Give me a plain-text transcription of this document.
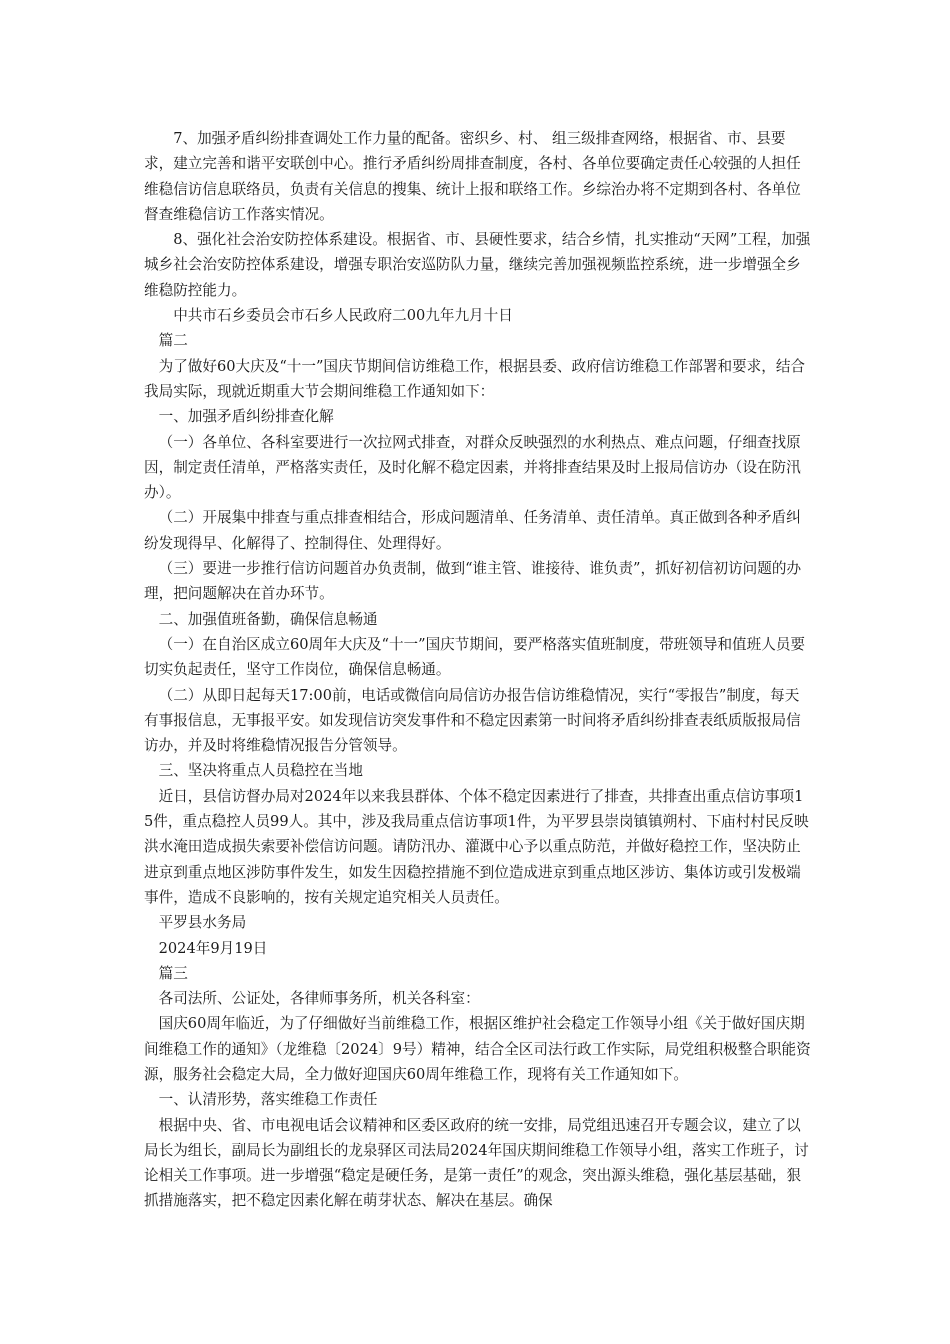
7、加强矛盾纠纷排查调处工作力量的配备。密织乡、村、 组三级排查网络，根据省、市、县要求，建立完善和谐平安联创中心。推行矛盾纠纷周排查制度，各村、各单位要确定责任心较强的人担任维稳信访信息联络员，负责有关信息的搜集、统计上报和联络工作。乡综治办将不定期到各村、各单位督查维稳信访工作落实情况。

8、强化社会治安防控体系建设。根据省、市、县硬性要求，结合乡情，扎实推动“天网”工程，加强城乡社会治安防控体系建设，增强专职治安巡防队力量，继续完善加强视频监控系统，进一步增强全乡维稳防控能力。

中共市石乡委员会市石乡人民政府二00九年九月十日

篇二

为了做好60大庆及“十一”国庆节期间信访维稳工作，根据县委、政府信访维稳工作部署和要求，结合我局实际，现就近期重大节会期间维稳工作通知如下：

一、加强矛盾纠纷排查化解

（一）各单位、各科室要进行一次拉网式排查，对群众反映强烈的水利热点、难点问题，仔细查找原因，制定责任清单，严格落实责任，及时化解不稳定因素，并将排查结果及时上报局信访办（设在防汛办）。

（二）开展集中排查与重点排查相结合，形成问题清单、任务清单、责任清单。真正做到各种矛盾纠纷发现得早、化解得了、控制得住、处理得好。

（三）要进一步推行信访问题首办负责制，做到“谁主管、谁接待、谁负责”，抓好初信初访问题的办理，把问题解决在首办环节。

二、加强值班备勤，确保信息畅通

（一）在自治区成立60周年大庆及“十一”国庆节期间，要严格落实值班制度，带班领导和值班人员要切实负起责任，坚守工作岗位，确保信息畅通。

（二）从即日起每天17:00前，电话或微信向局信访办报告信访维稳情况，实行“零报告”制度，每天有事报信息，无事报平安。如发现信访突发事件和不稳定因素第一时间将矛盾纠纷排查表纸质版报局信访办，并及时将维稳情况报告分管领导。

三、坚决将重点人员稳控在当地

近日，县信访督办局对2024年以来我县群体、个体不稳定因素进行了排查，共排查出重点信访事项15件，重点稳控人员99人。其中，涉及我局重点信访事项1件，为平罗县崇岗镇镇朔村、下庙村村民反映洪水淹田造成损失索要补偿信访问题。请防汛办、灌溉中心予以重点防范，并做好稳控工作，坚决防止进京到重点地区涉防事件发生，如发生因稳控措施不到位造成进京到重点地区涉访、集体访或引发极端事件，造成不良影响的，按有关规定追究相关人员责任。

平罗县水务局

2024年9月19日

篇三

各司法所、公证处，各律师事务所，机关各科室：

国庆60周年临近，为了仔细做好当前维稳工作，根据区维护社会稳定工作领导小组《关于做好国庆期间维稳工作的通知》（龙维稳〔2024〕9号）精神，结合全区司法行政工作实际，局党组积极整合职能资源，服务社会稳定大局，全力做好迎国庆60周年维稳工作，现将有关工作通知如下。

一、认清形势，落实维稳工作责任

根据中央、省、市电视电话会议精神和区委区政府的统一安排，局党组迅速召开专题会议，建立了以局长为组长，副局长为副组长的龙泉驿区司法局2024年国庆期间维稳工作领导小组，落实工作班子，讨论相关工作事项。进一步增强“稳定是硬任务，是第一责任”的观念，突出源头维稳，强化基层基础，狠抓措施落实，把不稳定因素化解在萌芽状态、解决在基层。确保
